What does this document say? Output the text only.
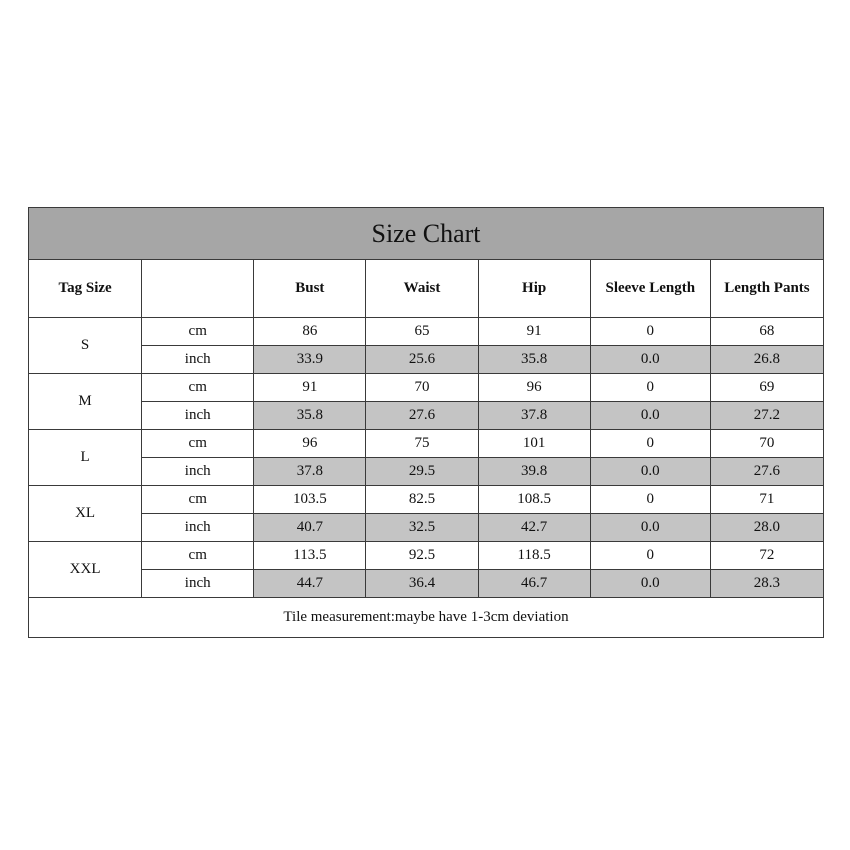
Size Chart						
Tag Size		Bust	Waist	Hip	Sleeve Length	Length Pants
S	cm	86	65	91	0	68
	inch	33.9	25.6	35.8	0.0	26.8
M	cm	91	70	96	0	69
	inch	35.8	27.6	37.8	0.0	27.2
L	cm	96	75	101	0	70
	inch	37.8	29.5	39.8	0.0	27.6
XL	cm	103.5	82.5	108.5	0	71
	inch	40.7	32.5	42.7	0.0	28.0
XXL	cm	113.5	92.5	118.5	0	72
	inch	44.7	36.4	46.7	0.0	28.3
Tile measurement:maybe have 1-3cm deviation						
